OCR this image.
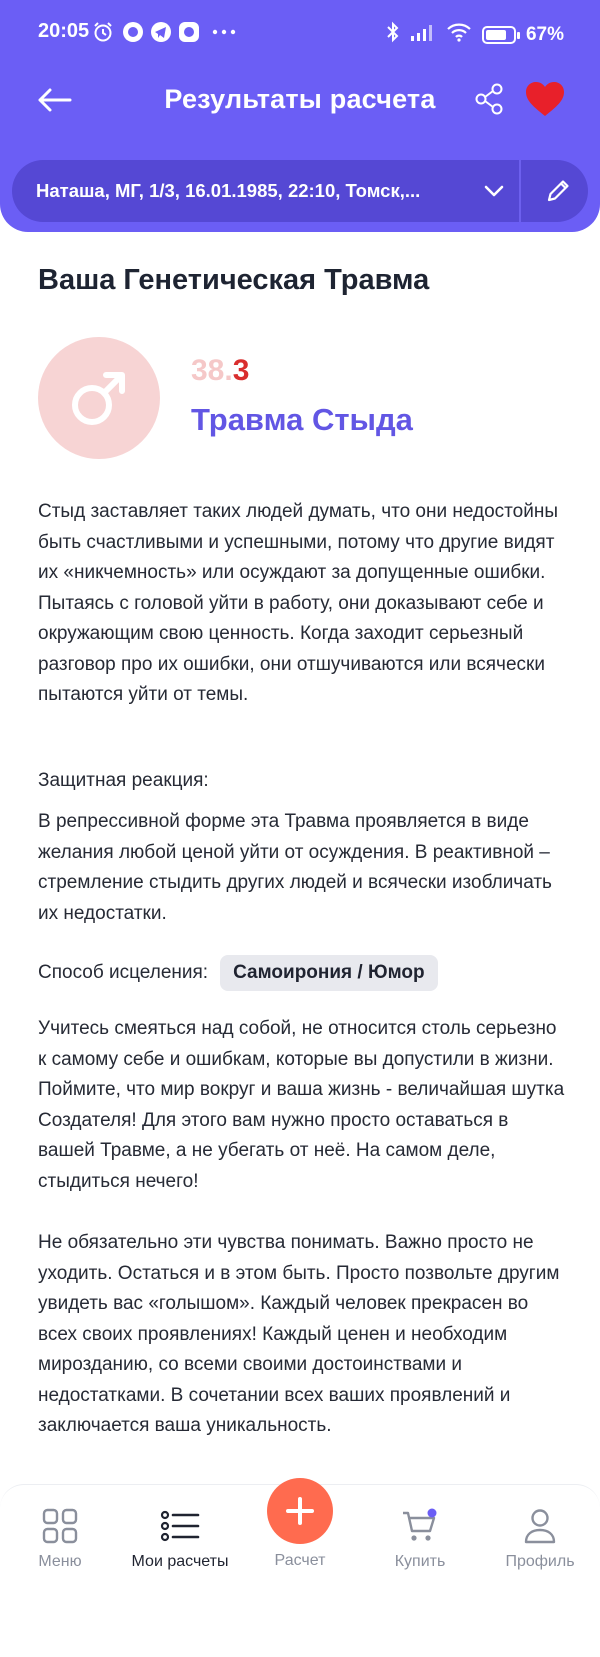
20:05	67%
Результаты расчета
Наташа, МГ, 1/3, 16.01.1985, 22:10, Томск,...
Ваша Генетическая Травма
38.3
Травма Стыда
Стыд заставляет таких людей думать, что они недостойны быть счастливыми и успешными, потому что другие видят их «никчемность» или осуждают за допущенные ошибки. Пытаясь с головой уйти в работу, они доказывают себе и окружающим свою ценность. Когда заходит серьезный разговор про их ошибки, они отшучиваются или всячески пытаются уйти от темы.
Защитная реакция:
В репрессивной форме эта Травма проявляется в виде желания любой ценой уйти от осуждения. В реактивной – стремление стыдить других людей и всячески изобличать их недостатки.
Способ исцеления:	Самоирония / Юмор
Учитесь смеяться над собой, не относится столь серьезно к самому себе и ошибкам, которые вы допустили в жизни. Поймите, что мир вокруг и ваша жизнь - величайшая шутка Создателя! Для этого вам нужно просто оставаться в вашей Травме, а не убегать от неё. На самом деле, стыдиться нечего!
Не обязательно эти чувства понимать. Важно просто не уходить. Остаться и в этом быть. Просто позвольте другим увидеть вас «голышом». Каждый человек прекрасен во всех своих проявлениях! Каждый ценен и необходим мирозданию, со всеми своими достоинствами и недостатками. В сочетании всех ваших проявлений и заключается ваша уникальность.
Меню	Мои расчеты	Купить	Профиль
Расчет
